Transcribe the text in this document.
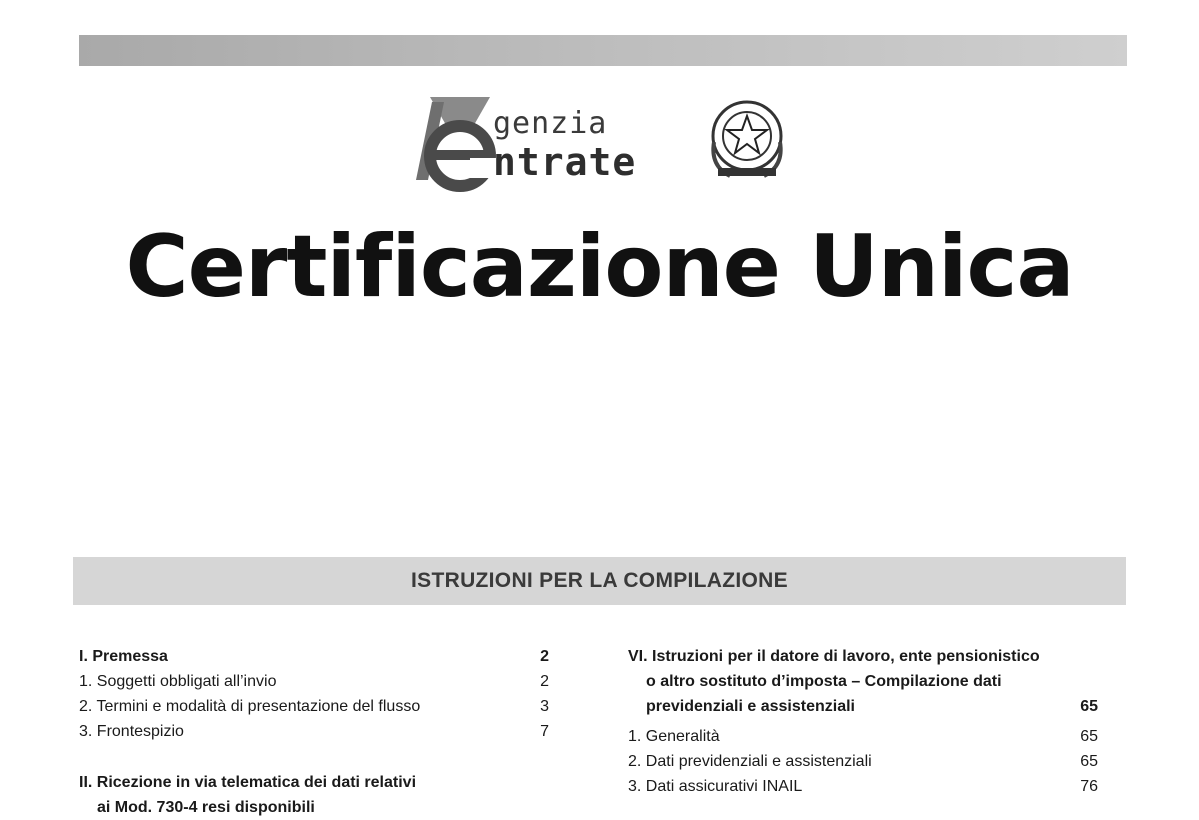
genzia
ntrate
Certificazione Unica
ISTRUZIONI PER LA COMPILAZIONE
I. Premessa	2
1. Soggetti obbligati all’invio	2
2. Termini e modalità di presentazione del flusso	3
3. Frontespizio	7
II. Ricezione in via telematica dei dati relativi
ai Mod. 730-4 resi disponibili
VI. Istruzioni per il datore di lavoro, ente pensionistico
o altro sostituto d’imposta – Compilazione dati
previdenziali e assistenziali	65
1. Generalità	65
2. Dati previdenziali e assistenziali	65
3. Dati assicurativi INAIL	76
